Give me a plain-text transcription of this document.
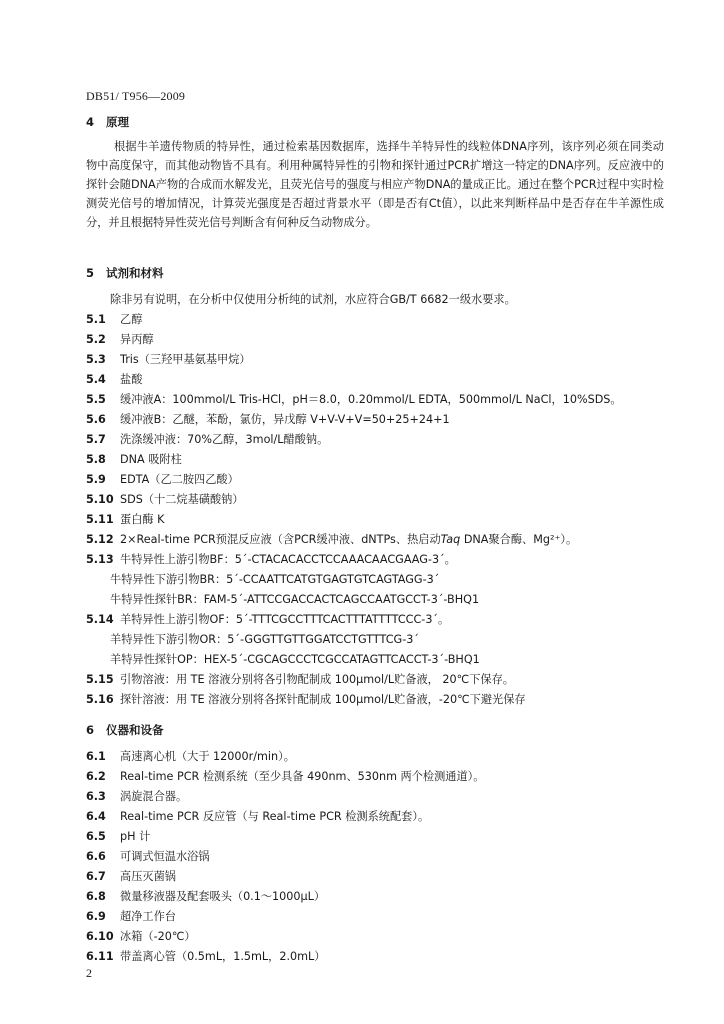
DB51/ T956—2009
4 原理
根据牛羊遗传物质的特异性，通过检索基因数据库，选择牛羊特异性的线粒体DNA序列，该序列必须在同类动物中高度保守，而其他动物皆不具有。利用种属特异性的引物和探针通过PCR扩增这一特定的DNA序列。反应液中的探针会随DNA产物的合成而水解发光，且荧光信号的强度与相应产物DNA的量成正比。通过在整个PCR过程中实时检测荧光信号的增加情况，计算荧光强度是否超过背景水平（即是否有Ct值），以此来判断样品中是否存在牛羊源性成分，并且根据特异性荧光信号判断含有何种反刍动物成分。
5 试剂和材料
除非另有说明，在分析中仅使用分析纯的试剂，水应符合GB/T 6682一级水要求。
5.1 乙醇
5.2 异丙醇
5.3 Tris（三羟甲基氨基甲烷）
5.4 盐酸
5.5 缓冲液A：100mmol/L Tris-HCl，pH＝8.0，0.20mmol/L EDTA，500mmol/L NaCl，10%SDS。
5.6 缓冲液B：乙醚，苯酚，氯仿，异戊醇 V+V-V+V=50+25+24+1
5.7 洗涤缓冲液：70%乙醇，3mol/L醋酸钠。
5.8 DNA 吸附柱
5.9 EDTA（乙二胺四乙酸）
5.10 SDS（十二烷基磺酸钠）
5.11 蛋白酶 K
5.12 2×Real-time PCR预混反应液（含PCR缓冲液、dNTPs、热启动Taq DNA聚合酶、Mg²⁺）。
5.13 牛特异性上游引物BF：5ˊ-CTACACACCTCCAAACAACGAAG-3ˊ。
牛特异性下游引物BR：5ˊ-CCAATTCATGTGAGTGTCAGTAGG-3ˊ
牛特异性探针BR：FAM-5ˊ-ATTCCGACCACTCAGCCAATGCCT-3ˊ-BHQ1
5.14 羊特异性上游引物OF：5ˊ-TTTCGCCTTTCACTTTATTTTCCC-3ˊ。
羊特异性下游引物OR：5ˊ-GGGTTGTTGGATCCTGTTTCG-3ˊ
羊特异性探针OP：HEX-5ˊ-CGCAGCCCTCGCCATAGTTCACCT-3ˊ-BHQ1
5.15 引物溶液：用 TE 溶液分别将各引物配制成 100μmol/L贮备液， 20℃下保存。
5.16 探针溶液：用 TE 溶液分别将各探针配制成 100μmol/L贮备液，-20℃下避光保存
6 仪器和设备
6.1 高速离心机（大于 12000r/min）。
6.2 Real-time PCR 检测系统（至少具备 490nm、530nm 两个检测通道）。
6.3 涡旋混合器。
6.4 Real-time PCR 反应管（与 Real-time PCR 检测系统配套）。
6.5 pH 计
6.6 可调式恒温水浴锅
6.7 高压灭菌锅
6.8 微量移液器及配套吸头（0.1～1000μL）
6.9 超净工作台
6.10 冰箱（-20℃）
6.11 带盖离心管（0.5mL，1.5mL，2.0mL）
2
